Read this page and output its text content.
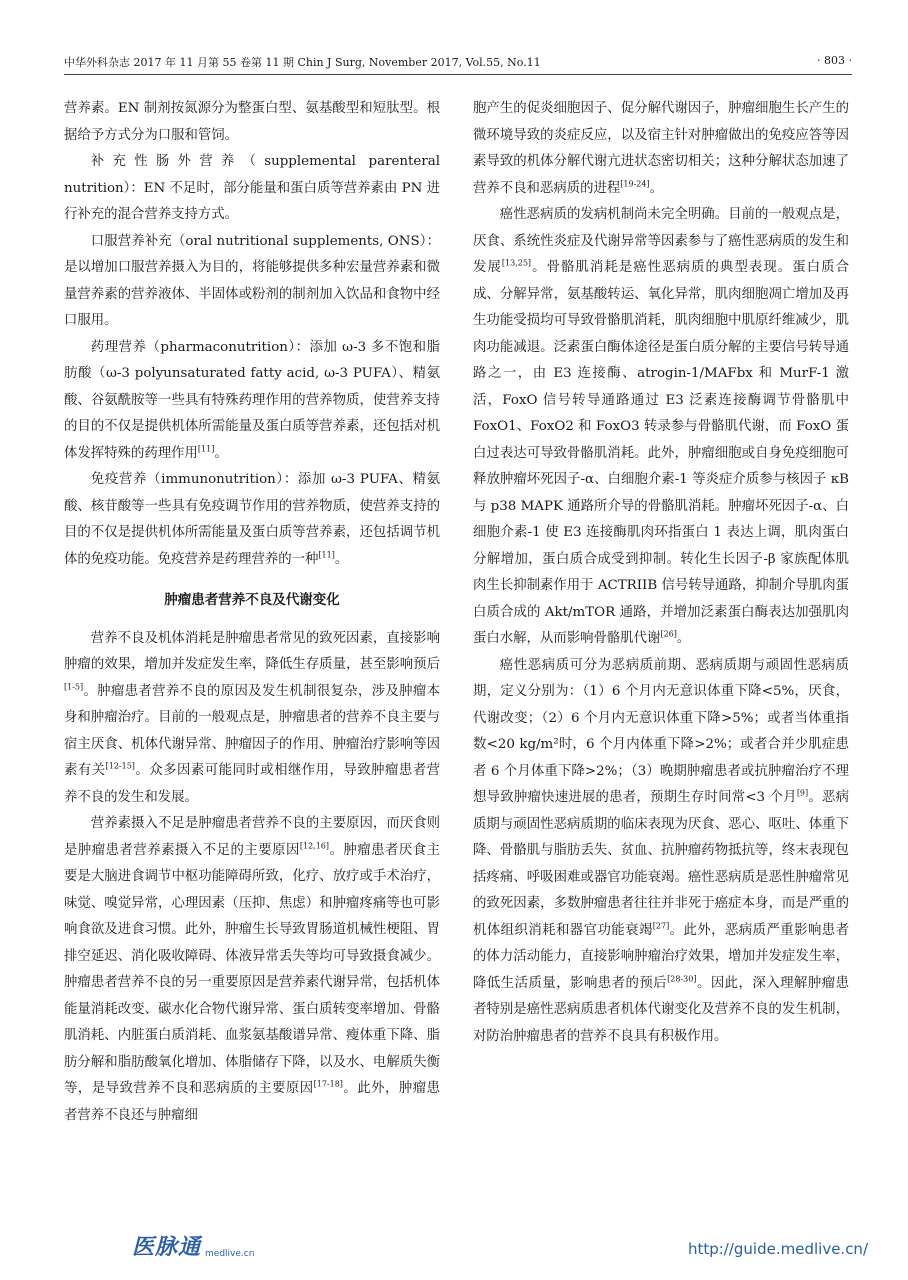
中华外科杂志 2017 年 11 月第 55 卷第 11 期 Chin J Surg, November 2017, Vol.55, No.11	· 803 ·

营养素。EN 制剂按氮源分为整蛋白型、氨基酸型和短肽型。根据给予方式分为口服和管饲。

补充性肠外营养（supplemental parenteral nutrition）：EN 不足时，部分能量和蛋白质等营养素由 PN 进行补充的混合营养支持方式。

口服营养补充（oral nutritional supplements, ONS）：是以增加口服营养摄入为目的，将能够提供多种宏量营养素和微量营养素的营养液体、半固体或粉剂的制剂加入饮品和食物中经口服用。

药理营养（pharmaconutrition）：添加 ω-3 多不饱和脂肪酸（ω-3 polyunsaturated fatty acid, ω-3 PUFA）、精氨酸、谷氨酰胺等一些具有特殊药理作用的营养物质，使营养支持的目的不仅是提供机体所需能量及蛋白质等营养素，还包括对机体发挥特殊的药理作用[11]。

免疫营养（immunonutrition）：添加 ω-3 PUFA、精氨酸、核苷酸等一些具有免疫调节作用的营养物质，使营养支持的目的不仅是提供机体所需能量及蛋白质等营养素，还包括调节机体的免疫功能。免疫营养是药理营养的一种[11]。

肿瘤患者营养不良及代谢变化

营养不良及机体消耗是肿瘤患者常见的致死因素，直接影响肿瘤的效果，增加并发症发生率，降低生存质量，甚至影响预后[1-5]。肿瘤患者营养不良的原因及发生机制很复杂，涉及肿瘤本身和肿瘤治疗。目前的一般观点是，肿瘤患者的营养不良主要与宿主厌食、机体代谢异常、肿瘤因子的作用、肿瘤治疗影响等因素有关[12-15]。众多因素可能同时或相继作用，导致肿瘤患者营养不良的发生和发展。

营养素摄入不足是肿瘤患者营养不良的主要原因，而厌食则是肿瘤患者营养素摄入不足的主要原因[12,16]。肿瘤患者厌食主要是大脑进食调节中枢功能障碍所致，化疗、放疗或手术治疗，味觉、嗅觉异常，心理因素（压抑、焦虑）和肿瘤疼痛等也可影响食欲及进食习惯。此外，肿瘤生长导致胃肠道机械性梗阻、胃排空延迟、消化吸收障碍、体液异常丢失等均可导致摄食减少。肿瘤患者营养不良的另一重要原因是营养素代谢异常，包括机体能量消耗改变、碳水化合物代谢异常、蛋白质转变率增加、骨骼肌消耗、内脏蛋白质消耗、血浆氨基酸谱异常、瘦体重下降、脂肪分解和脂肪酸氧化增加、体脂储存下降，以及水、电解质失衡等，是导致营养不良和恶病质的主要原因[17-18]。此外，肿瘤患者营养不良还与肿瘤细

胞产生的促炎细胞因子、促分解代谢因子，肿瘤细胞生长产生的微环境导致的炎症反应，以及宿主针对肿瘤做出的免疫应答等因素导致的机体分解代谢亢进状态密切相关；这种分解状态加速了营养不良和恶病质的进程[19-24]。

癌性恶病质的发病机制尚未完全明确。目前的一般观点是，厌食、系统性炎症及代谢异常等因素参与了癌性恶病质的发生和发展[13,25]。骨骼肌消耗是癌性恶病质的典型表现。蛋白质合成、分解异常，氨基酸转运、氧化异常，肌肉细胞凋亡增加及再生功能受损均可导致骨骼肌消耗，肌肉细胞中肌原纤维减少，肌肉功能减退。泛素蛋白酶体途径是蛋白质分解的主要信号转导通路之一，由 E3 连接酶、atrogin-1/MAFbx 和 MurF-1 激活，FoxO 信号转导通路通过 E3 泛素连接酶调节骨骼肌中 FoxO1、FoxO2 和 FoxO3 转录参与骨骼肌代谢，而 FoxO 蛋白过表达可导致骨骼肌消耗。此外，肿瘤细胞或自身免疫细胞可释放肿瘤坏死因子-α、白细胞介素-1 等炎症介质参与核因子 κB 与 p38 MAPK 通路所介导的骨骼肌消耗。肿瘤坏死因子-α、白细胞介素-1 使 E3 连接酶肌肉环指蛋白 1 表达上调，肌肉蛋白分解增加，蛋白质合成受到抑制。转化生长因子-β 家族配体肌肉生长抑制素作用于 ACTRIIB 信号转导通路，抑制介导肌肉蛋白质合成的 Akt/mTOR 通路，并增加泛素蛋白酶表达加强肌肉蛋白水解，从而影响骨骼肌代谢[26]。

癌性恶病质可分为恶病质前期、恶病质期与顽固性恶病质期，定义分别为：（1）6 个月内无意识体重下降<5%，厌食，代谢改变；（2）6 个月内无意识体重下降>5%；或者当体重指数<20 kg/m²时，6 个月内体重下降>2%；或者合并少肌症患者 6 个月体重下降>2%；（3）晚期肿瘤患者或抗肿瘤治疗不理想导致肿瘤快速进展的患者，预期生存时间常<3 个月[9]。恶病质期与顽固性恶病质期的临床表现为厌食、恶心、呕吐、体重下降、骨骼肌与脂肪丢失、贫血、抗肿瘤药物抵抗等，终末表现包括疼痛、呼吸困难或器官功能衰竭。癌性恶病质是恶性肿瘤常见的致死因素，多数肿瘤患者往往并非死于癌症本身，而是严重的机体组织消耗和器官功能衰竭[27]。此外，恶病质严重影响患者的体力活动能力，直接影响肿瘤治疗效果，增加并发症发生率，降低生活质量，影响患者的预后[28-30]。因此，深入理解肿瘤患者特别是癌性恶病质患者机体代谢变化及营养不良的发生机制，对防治肿瘤患者的营养不良具有积极作用。

医脉通 medlive.cn	http://guide.medlive.cn/
